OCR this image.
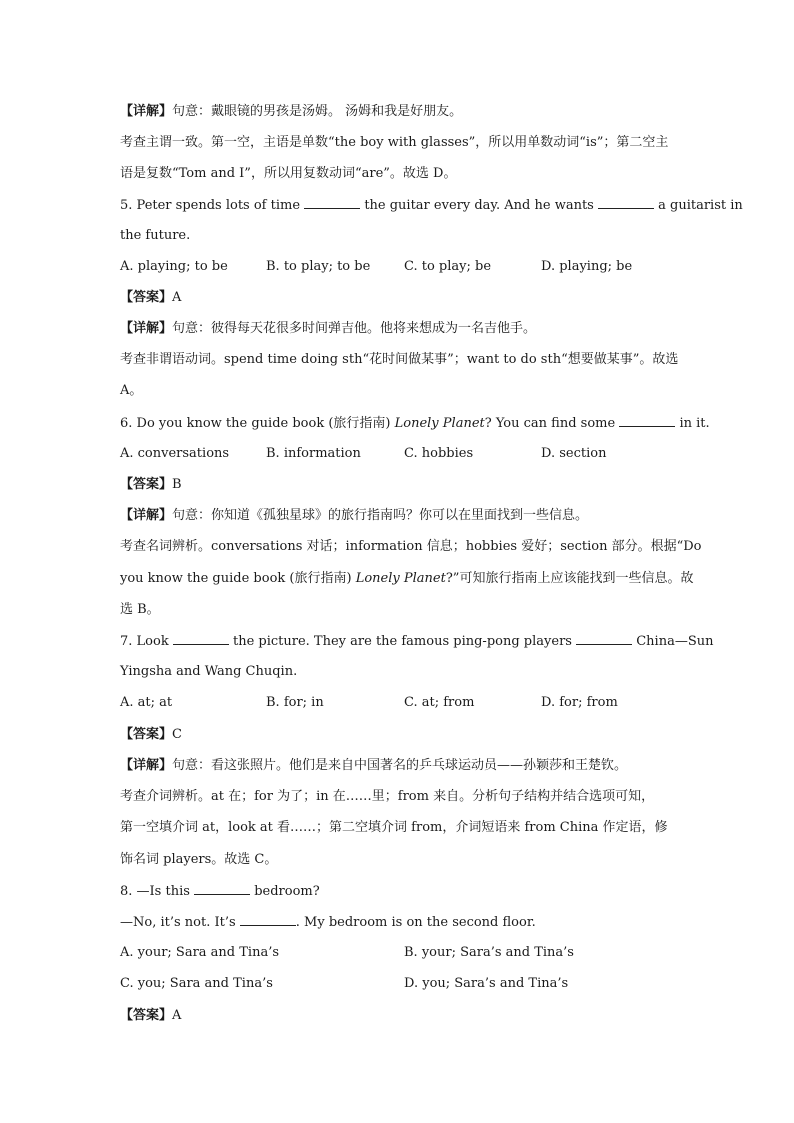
【详解】句意：戴眼镜的男孩是汤姆。 汤姆和我是好朋友。
考查主谓一致。第一空，主语是单数“the boy with glasses”，所以用单数动词“is”；第二空主
语是复数“Tom and I”，所以用复数动词“are”。故选 D。
5. Peter spends lots of time	the guitar every day. And he wants	a guitarist in
the future.
A. playing; to be	B. to play; to be	C. to play; be	D. playing; be
【答案】A
【详解】句意：彼得每天花很多时间弹吉他。他将来想成为一名吉他手。
考查非谓语动词。spend time doing sth“花时间做某事”；want to do sth“想要做某事”。故选
A。
6. Do you know the guide book (旅行指南) Lonely Planet? You can find some	in it.
A. conversations	B. information	C. hobbies	D. section
【答案】B
【详解】句意：你知道《孤独星球》的旅行指南吗？你可以在里面找到一些信息。
考查名词辨析。conversations 对话；information 信息；hobbies 爱好；section 部分。根据“Do
you know the guide book (旅行指南) Lonely Planet?”可知旅行指南上应该能找到一些信息。故
选 B。
7. Look	the picture. They are the famous ping-pong players	China—Sun
Yingsha and Wang Chuqin.
A. at; at	B. for; in	C. at; from	D. for; from
【答案】C
【详解】句意：看这张照片。他们是来自中国著名的乒乓球运动员——孙颖莎和王楚钦。
考查介词辨析。at 在；for 为了；in 在……里；from 来自。分析句子结构并结合选项可知，
第一空填介词 at，look at 看……；第二空填介词 from，介词短语来 from China 作定语，修
饰名词 players。故选 C。
8. —Is this	bedroom?
—No, it’s not. It’s	. My bedroom is on the second floor.
A. your; Sara and Tina’s	B. your; Sara’s and Tina’s
C. you; Sara and Tina’s	D. you; Sara’s and Tina’s
【答案】A
